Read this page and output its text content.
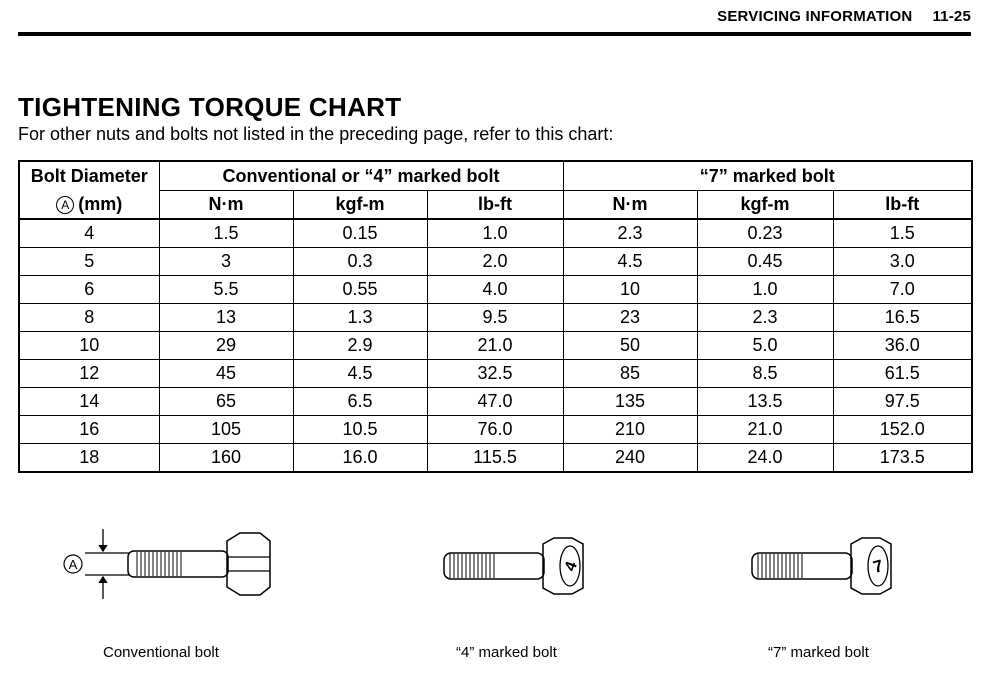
SERVICING INFORMATION 11-25
TIGHTENING TORQUE CHART
For other nuts and bolts not listed in the preceding page, refer to this chart:
Bolt Diameter	Conventional or “4” marked bolt			“7” marked bolt		
A (mm)	N·m	kgf-m	lb-ft	N·m	kgf-m	lb-ft
4	1.5	0.15	1.0	2.3	0.23	1.5
5	3	0.3	2.0	4.5	0.45	3.0
6	5.5	0.55	4.0	10	1.0	7.0
8	13	1.3	9.5	23	2.3	16.5
10	29	2.9	21.0	50	5.0	36.0
12	45	4.5	32.5	85	8.5	61.5
14	65	6.5	47.0	135	13.5	97.5
16	105	10.5	76.0	210	21.0	152.0
18	160	16.0	115.5	240	24.0	173.5
A	4	7
Conventional bolt	“4” marked bolt	“7” marked bolt
